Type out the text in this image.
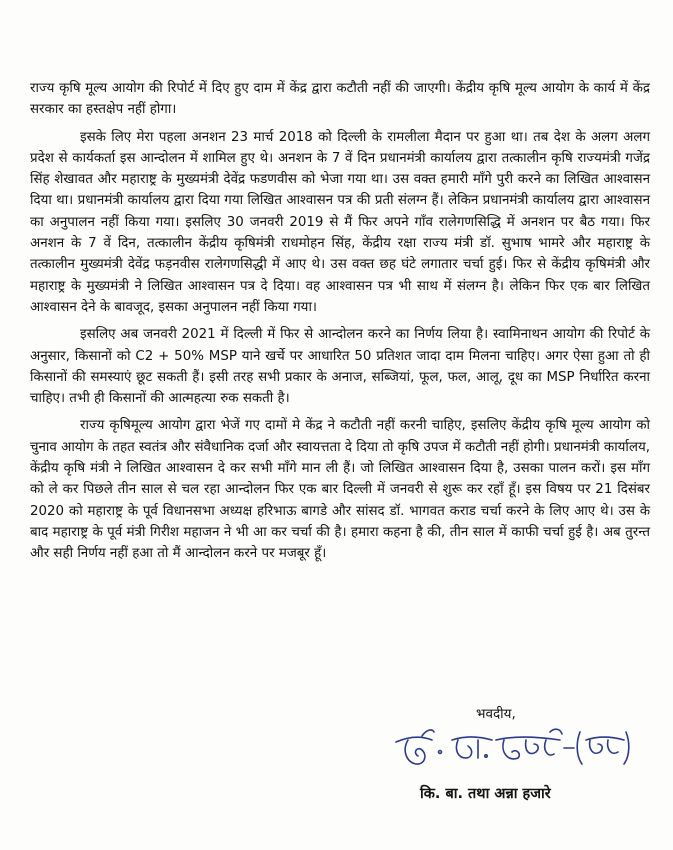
राज्य कृषि मूल्य आयोग की रिपोर्ट में दिए हुए दाम में केंद्र द्वारा कटौती नहीं की जाएगी। केंद्रीय कृषि मूल्य आयोग के कार्य में केंद्र सरकार का हस्तक्षेप नहीं होगा।

इसके लिए मेरा पहला अनशन 23 मार्च 2018 को दिल्ली के रामलीला मैदान पर हुआ था। तब देश के अलग अलग प्रदेश से कार्यकर्ता इस आन्दोलन में शामिल हुए थे। अनशन के 7 वें दिन प्रधानमंत्री कार्यालय द्वारा तत्कालीन कृषि राज्यमंत्री गजेंद्र सिंह शेखावत और महाराष्ट्र के मुख्यमंत्री देवेंद्र फडणवीस को भेजा गया था। उस वक्त हमारी माँगे पुरी करने का लिखित आश्वासन दिया था। प्रधानमंत्री कार्यालय द्वारा दिया गया लिखित आश्वासन पत्र की प्रती संलग्न हैं। लेकिन प्रधानमंत्री कार्यालय द्वारा आश्वासन का अनुपालन नहीं किया गया। इसलिए 30 जनवरी 2019 से मैं फिर अपने गाँव रालेगणसिद्धि में अनशन पर बैठ गया। फिर अनशन के 7 वें दिन, तत्कालीन केंद्रीय कृषिमंत्री राधमोहन सिंह, केंद्रीय रक्षा राज्य मंत्री डॉ. सुभाष भामरे और महाराष्ट्र के तत्कालीन मुख्यमंत्री देवेंद्र फड़नवीस रालेगणसिद्धी में आए थे। उस वक्त छह घंटे लगातार चर्चा हुई। फिर से केंद्रीय कृषिमंत्री और महाराष्ट्र के मुख्यमंत्री ने लिखित आश्वासन पत्र दे दिया। वह आश्वासन पत्र भी साथ में संलग्न है। लेकिन फिर एक बार लिखित आश्वासन देने के बावजूद, इसका अनुपालन नहीं किया गया।

इसलिए अब जनवरी 2021 में दिल्ली में फिर से आन्दोलन करने का निर्णय लिया है। स्वामिनाथन आयोग की रिपोर्ट के अनुसार, किसानों को C2 + 50% MSP याने खर्चे पर आधारित 50 प्रतिशत जादा दाम मिलना चाहिए। अगर ऐसा हुआ तो ही किसानों की समस्याएं छूट सकती हैं। इसी तरह सभी प्रकार के अनाज, सब्जियां, फूल, फल, आलू, दूध का MSP निर्धारित करना चाहिए। तभी ही किसानों की आत्महत्या रुक सकती है।

राज्य कृषिमूल्य आयोग द्वारा भेजें गए दामों मे केंद्र ने कटौती नहीं करनी चाहिए, इसलिए केंद्रीय कृषि मूल्य आयोग को चुनाव आयोग के तहत स्वतंत्र और संवैधानिक दर्जा और स्वायत्तता दे दिया तो कृषि उपज में कटौती नहीं होगी। प्रधानमंत्री कार्यालय, केंद्रीय कृषि मंत्री ने लिखित आश्वासन दे कर सभी माँगे मान ली हैं। जो लिखित आश्वासन दिया है, उसका पालन करों। इस माँग को ले कर पिछले तीन साल से चल रहा आन्दोलन फिर एक बार दिल्ली में जनवरी से शुरू कर रहाँ हूँ। इस विषय पर 21 दिसंबर 2020 को महाराष्ट्र के पूर्व विधानसभा अध्यक्ष हरिभाऊ बागडे और सांसद डॉ. भागवत कराड चर्चा करने के लिए आए थे। उस के बाद महाराष्ट्र के पूर्व मंत्री गिरीश महाजन ने भी आ कर चर्चा की है। हमारा कहना है की, तीन साल में काफी चर्चा हुई है। अब तुरन्त और सही निर्णय नहीं हआ तो मैं आन्दोलन करने पर मजबूर हूँ।

भवदीय,
कि. बा. तथा अन्ना हजारे
